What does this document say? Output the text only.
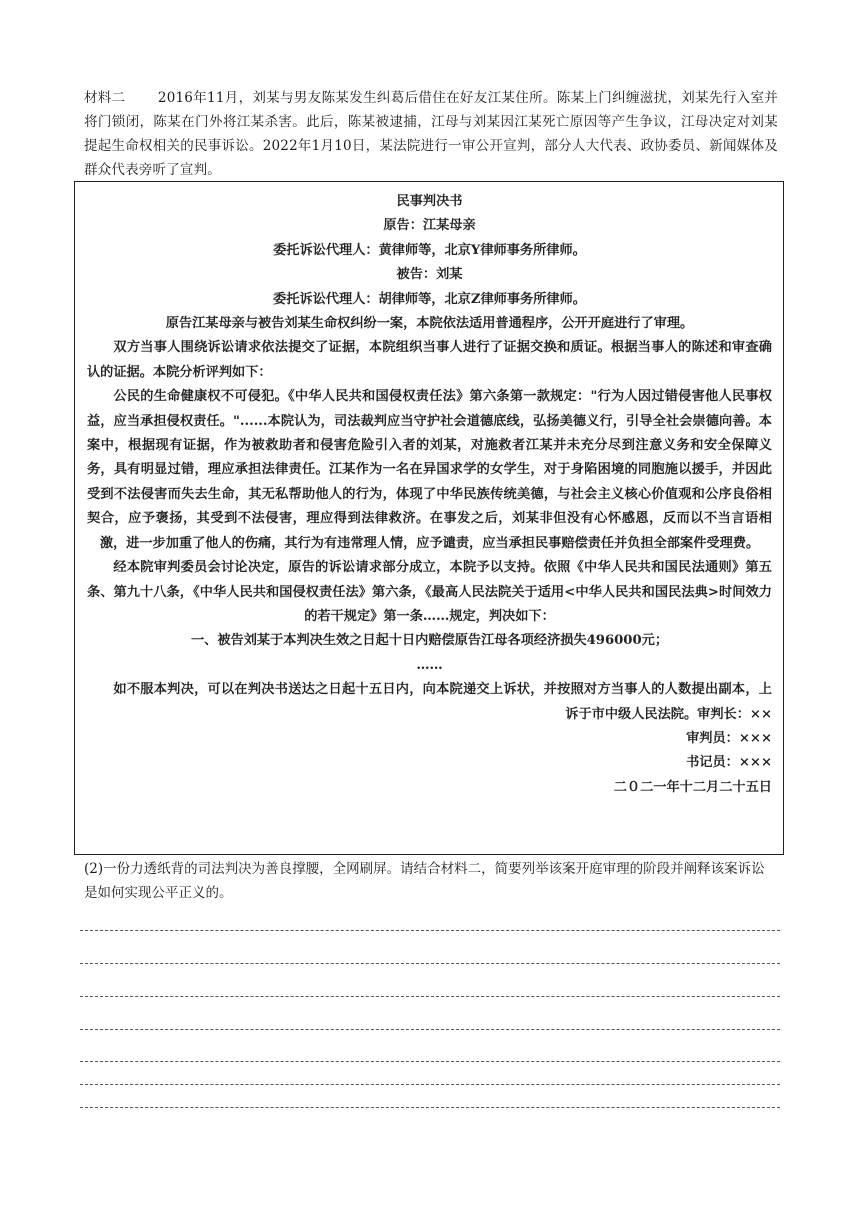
材料二 2016年11月，刘某与男友陈某发生纠葛后借住在好友江某住所。陈某上门纠缠滋扰，刘某先行入室并将门锁闭，陈某在门外将江某杀害。此后，陈某被逮捕，江母与刘某因江某死亡原因等产生争议，江母决定对刘某提起生命权相关的民事诉讼。2022年1月10日，某法院进行一审公开宣判，部分人大代表、政协委员、新闻媒体及群众代表旁听了宣判。

民事判决书

原告：江某母亲

委托诉讼代理人：黄律师等，北京Y律师事务所律师。

被告：刘某

委托诉讼代理人：胡律师等，北京Z律师事务所律师。

原告江某母亲与被告刘某生命权纠纷一案，本院依法适用普通程序，公开开庭进行了审理。

双方当事人围绕诉讼请求依法提交了证据，本院组织当事人进行了证据交换和质证。根据当事人的陈述和审查确认的证据。本院分析评判如下：

公民的生命健康权不可侵犯。《中华人民共和国侵权责任法》第六条第一款规定："行为人因过错侵害他人民事权益，应当承担侵权责任。"......本院认为，司法裁判应当守护社会道德底线，弘扬美德义行，引导全社会崇德向善。本案中，根据现有证据，作为被救助者和侵害危险引入者的刘某，对施救者江某并未充分尽到注意义务和安全保障义务，具有明显过错，理应承担法律责任。江某作为一名在异国求学的女学生，对于身陷困境的同胞施以援手，并因此受到不法侵害而失去生命，其无私帮助他人的行为，体现了中华民族传统美德，与社会主义核心价值观和公序良俗相契合，应予褒扬，其受到不法侵害，理应得到法律救济。在事发之后，刘某非但没有心怀感恩，反而以不当言语相激，进一步加重了他人的伤痛，其行为有违常理人情，应予谴责，应当承担民事赔偿责任并负担全部案件受理费。

经本院审判委员会讨论决定，原告的诉讼请求部分成立，本院予以支持。依照《中华人民共和国民法通则》第五条、第九十八条，《中华人民共和国侵权责任法》第六条，《最高人民法院关于适用<中华人民共和国民法典>时间效力的若干规定》第一条……规定，判决如下：

一、被告刘某于本判决生效之日起十日内赔偿原告江母各项经济损失496000元；

……

如不服本判决，可以在判决书送达之日起十五日内，向本院递交上诉状，并按照对方当事人的人数提出副本，上诉于市中级人民法院。审判长：××

审判员：×××

书记员：×××

二０二一年十二月二十五日

(2)一份力透纸背的司法判决为善良撑腰，全网刷屏。请结合材料二，简要列举该案开庭审理的阶段并阐释该案诉讼是如何实现公平正义的。
